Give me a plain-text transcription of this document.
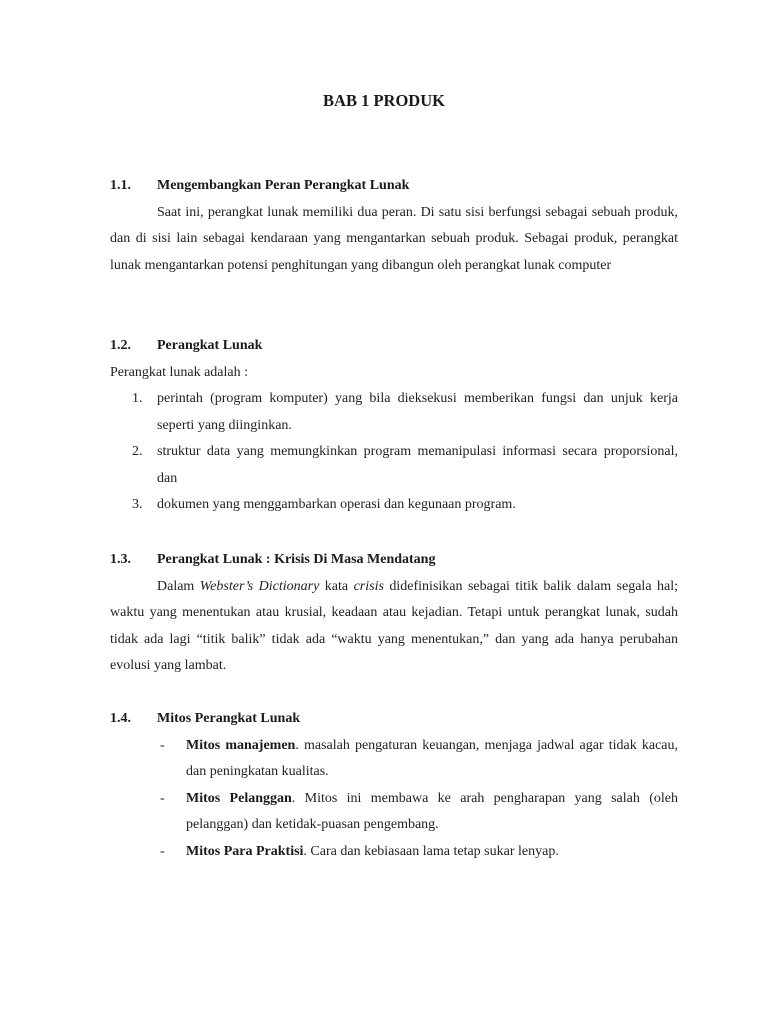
BAB 1 PRODUK
1.1.	Mengembangkan Peran Perangkat Lunak

Saat ini, perangkat lunak memiliki dua peran. Di satu sisi berfungsi sebagai sebuah produk, dan di sisi lain sebagai kendaraan yang mengantarkan sebuah produk. Sebagai produk, perangkat lunak mengantarkan potensi penghitungan yang dibangun oleh perangkat lunak computer

1.2.	Perangkat Lunak

Perangkat lunak adalah :

1.	perintah (program komputer) yang bila dieksekusi memberikan fungsi dan unjuk kerja seperti yang diinginkan.
2.	struktur data yang memungkinkan program memanipulasi informasi secara proporsional, dan
3.	dokumen yang menggambarkan operasi dan kegunaan program.
1.3.	Perangkat Lunak : Krisis Di Masa Mendatang

Dalam Webster’s Dictionary kata crisis didefinisikan sebagai titik balik dalam segala hal; waktu yang menentukan atau krusial, keadaan atau kejadian. Tetapi untuk perangkat lunak, sudah tidak ada lagi “titik balik” tidak ada “waktu yang menentukan,” dan yang ada hanya perubahan evolusi yang lambat.

1.4.	Mitos Perangkat Lunak
-	Mitos manajemen. masalah pengaturan keuangan, menjaga jadwal agar tidak kacau, dan peningkatan kualitas.
-	Mitos Pelanggan. Mitos ini membawa ke arah pengharapan yang salah (oleh pelanggan) dan ketidak-puasan pengembang.
-	Mitos Para Praktisi. Cara dan kebiasaan lama tetap sukar lenyap.
